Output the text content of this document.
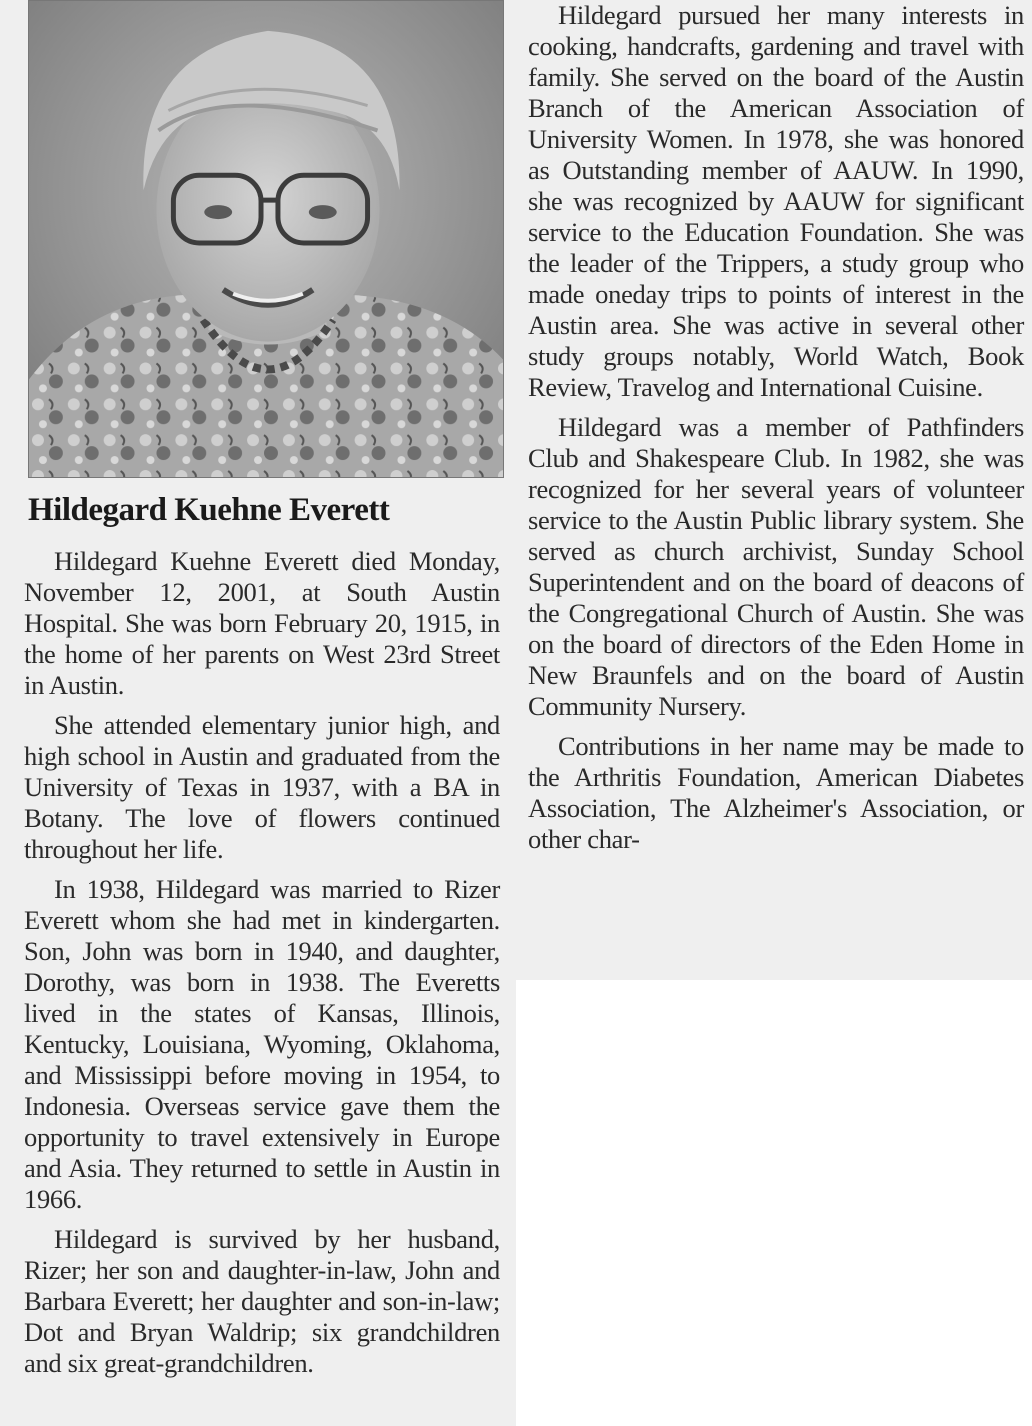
Hildegard Kuehne Everett

Hildegard Kuehne Everett died Monday, November 12, 2001, at South Austin Hospital. She was born February 20, 1915, in the home of her parents on West 23rd Street in Austin.

She attended elementary junior high, and high school in Austin and graduated from the University of Texas in 1937, with a BA in Botany. The love of flowers continued throughout her life.

In 1938, Hildegard was married to Rizer Everett whom she had met in kindergarten. Son, John was born in 1940, and daughter, Dorothy, was born in 1938. The Everetts lived in the states of Kansas, Illinois, Kentucky, Louisiana, Wyoming, Oklahoma, and Mississippi before moving in 1954, to Indonesia. Overseas service gave them the opportunity to travel extensively in Europe and Asia. They returned to settle in Austin in 1966.

Hildegard is survived by her husband, Rizer; her son and daughter-in-law, John and Barbara Everett; her daughter and son-in-law; Dot and Bryan Waldrip; six grandchildren and six great-grandchildren.

Hildegard pursued her many interests in cooking, handcrafts, gardening and travel with family. She served on the board of the Austin Branch of the American Association of University Women. In 1978, she was honored as Outstanding member of AAUW. In 1990, she was recognized by AAUW for significant service to the Education Foundation. She was the leader of the Trippers, a study group who made oneday trips to points of interest in the Austin area. She was active in several other study groups notably, World Watch, Book Review, Travelog and International Cuisine.

Hildegard was a member of Pathfinders Club and Shakespeare Club. In 1982, she was recognized for her several years of volunteer service to the Austin Public library system. She served as church archivist, Sunday School Superintendent and on the board of deacons of the Congregational Church of Austin. She was on the board of directors of the Eden Home in New Braunfels and on the board of Austin Community Nursery.

Contributions in her name may be made to the Arthritis Foundation, American Diabetes Association, The Alzheimer's Association, or other char-
